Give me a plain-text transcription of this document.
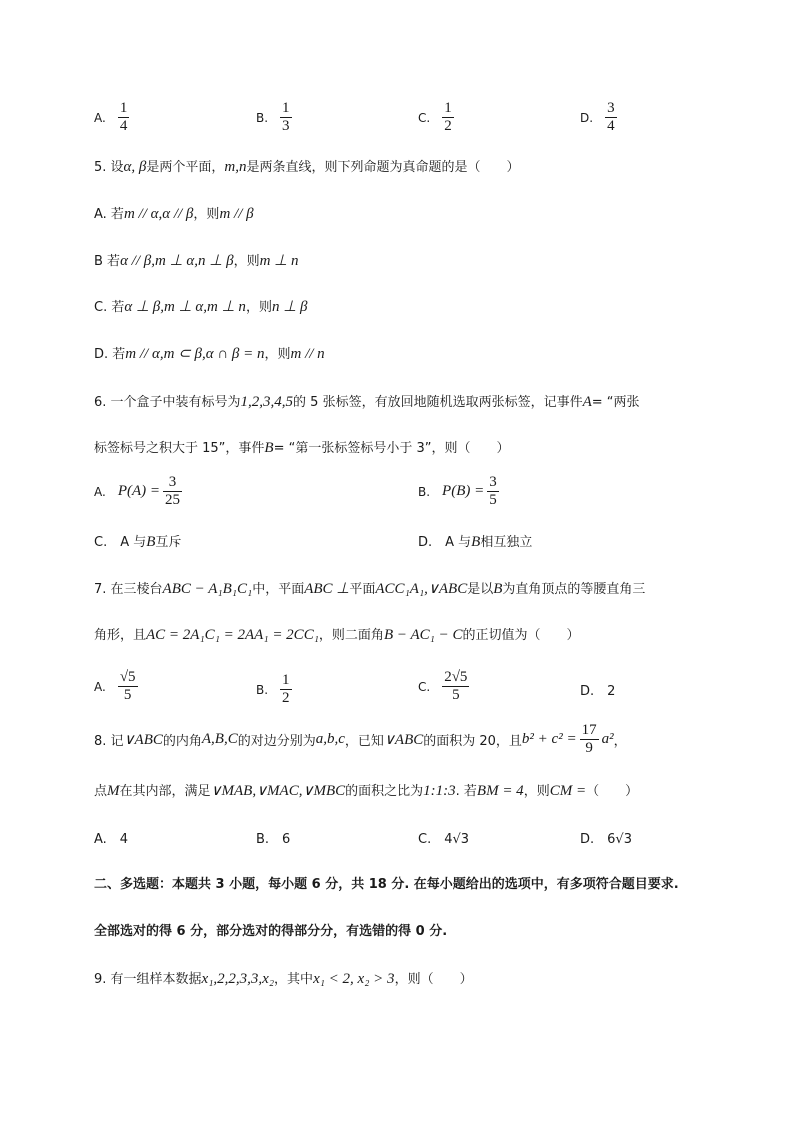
A. $\frac{1}{4}$	B. $\frac{1}{3}$	C. $\frac{1}{2}$	D. $\frac{3}{4}$
5. 设α, β是两个平面，m,n是两条直线，则下列命题为真命题的是（　　）
A. 若m // α,α // β，则m // β
B 若α // β,m ⊥ α,n ⊥ β，则m ⊥ n
C. 若α ⊥ β,m ⊥ α,m ⊥ n，则n ⊥ β
D. 若m // α,m ⊂ β,α ∩ β = n，则m // n
6. 一个盒子中装有标号为1,2,3,4,5的 5 张标签，有放回地随机选取两张标签，记事件A= “两张
标签标号之积大于 15”，事件B= “第一张标签标号小于 3”，则（　　）
A. $P(A) = \frac{3}{25}$	B. $P(B) = \frac{3}{5}$
C.　A 与B互斥	D.　A 与B相互独立
7. 在三棱台ABC − A₁B₁C₁中，平面ABC ⊥平面ACC₁A₁,∨ABC是以B为直角顶点的等腰直角三
角形，且AC = 2A₁C₁ = 2AA₁ = 2CC₁，则二面角B − AC₁ − C的正切值为（　　）
A. $\frac{√5}{5}$	B. $\frac{1}{2}$	C. $\frac{2√5}{5}$	D.　2
8. 记 ∨ABC 的内角 A,B,C 的对边分别为 a,b,c ，已知 ∨ABC 的面积为 20，且 $b^2 + c^2 = \frac{17}{9} a^2$ ，
点M在其内部，满足∨MAB,∨MAC,∨MBC的面积之比为1:1:3. 若BM = 4，则CM =（　　）
A.　4	B.　6	C.　4√3	D.　6√3
二、多选题：本题共 3 小题，每小题 6 分，共 18 分. 在每小题给出的选项中，有多项符合题目要求.
全部选对的得 6 分，部分选对的得部分分，有选错的得 0 分.
9. 有一组样本数据x₁,2,2,3,3,x₂，其中x₁ < 2, x₂ > 3，则（　　）
